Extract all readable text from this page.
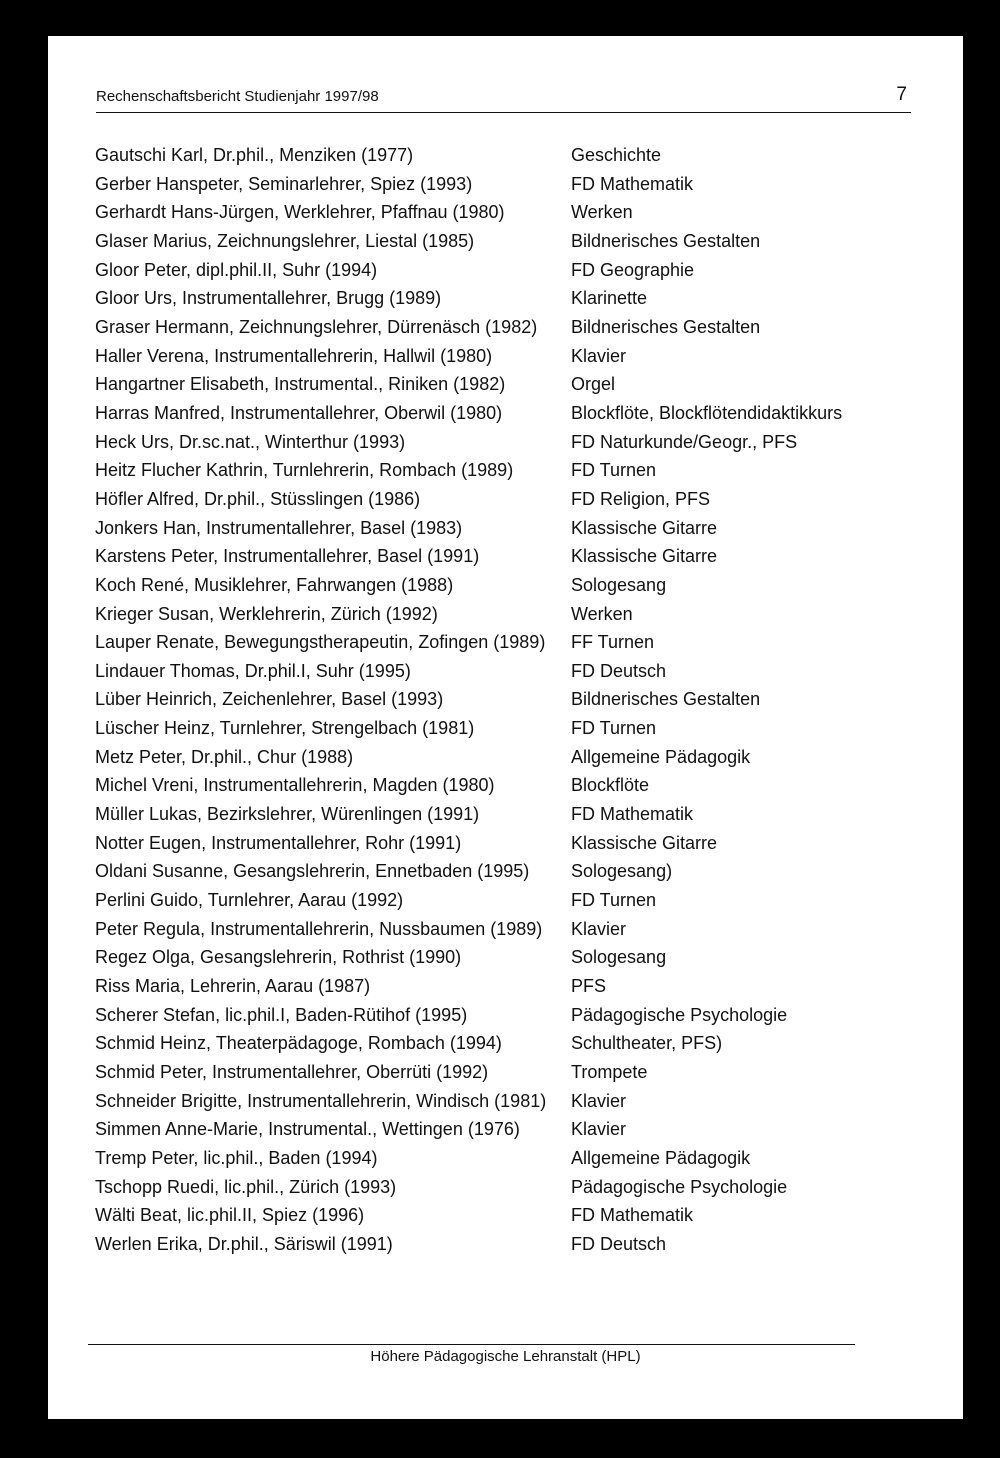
Rechenschaftsbericht Studienjahr 1997/98	7
Gautschi Karl, Dr.phil., Menziken (1977)	Geschichte
Gerber Hanspeter, Seminarlehrer, Spiez (1993)	FD Mathematik
Gerhardt Hans-Jürgen, Werklehrer, Pfaffnau (1980)	Werken
Glaser Marius, Zeichnungslehrer, Liestal (1985)	Bildnerisches Gestalten
Gloor Peter, dipl.phil.II, Suhr (1994)	FD Geographie
Gloor Urs, Instrumentallehrer, Brugg (1989)	Klarinette
Graser Hermann, Zeichnungslehrer, Dürrenäsch (1982) Bildnerisches Gestalten
Haller Verena, Instrumentallehrerin, Hallwil (1980)	Klavier
Hangartner Elisabeth, Instrumental., Riniken (1982)	Orgel
Harras Manfred, Instrumentallehrer, Oberwil (1980)	Blockflöte, Blockflötendidaktikkurs
Heck Urs, Dr.sc.nat., Winterthur (1993)	FD Naturkunde/Geogr., PFS
Heitz Flucher Kathrin, Turnlehrerin, Rombach (1989)	FD Turnen
Höfler Alfred, Dr.phil., Stüsslingen (1986)	FD Religion, PFS
Jonkers Han, Instrumentallehrer, Basel (1983)	Klassische Gitarre
Karstens Peter, Instrumentallehrer, Basel (1991)	Klassische Gitarre
Koch René, Musiklehrer, Fahrwangen (1988)	Sologesang
Krieger Susan, Werklehrerin, Zürich (1992)	Werken
Lauper Renate, Bewegungstherapeutin, Zofingen (1989) FF Turnen
Lindauer Thomas, Dr.phil.I, Suhr (1995)	FD Deutsch
Lüber Heinrich, Zeichenlehrer, Basel (1993)	Bildnerisches Gestalten
Lüscher Heinz, Turnlehrer, Strengelbach (1981)	FD Turnen
Metz Peter, Dr.phil., Chur (1988)	Allgemeine Pädagogik
Michel Vreni, Instrumentallehrerin, Magden (1980)	Blockflöte
Müller Lukas, Bezirkslehrer, Würenlingen (1991)	FD Mathematik
Notter Eugen, Instrumentallehrer, Rohr (1991)	Klassische Gitarre
Oldani Susanne, Gesangslehrerin, Ennetbaden (1995) Sologesang)
Perlini Guido, Turnlehrer, Aarau (1992)	FD Turnen
Peter Regula, Instrumentallehrerin, Nussbaumen (1989) Klavier
Regez Olga, Gesangslehrerin, Rothrist (1990)	Sologesang
Riss Maria, Lehrerin, Aarau (1987)	PFS
Scherer Stefan, lic.phil.I, Baden-Rütihof (1995)	Pädagogische Psychologie
Schmid Heinz, Theaterpädagoge, Rombach (1994)	Schultheater, PFS)
Schmid Peter, Instrumentallehrer, Oberrüti (1992)	Trompete
Schneider Brigitte, Instrumentallehrerin, Windisch (1981) Klavier
Simmen Anne-Marie, Instrumental., Wettingen (1976)	Klavier
Tremp Peter, lic.phil., Baden (1994)	Allgemeine Pädagogik
Tschopp Ruedi, lic.phil., Zürich (1993)	Pädagogische Psychologie
Wälti Beat, lic.phil.II, Spiez (1996)	FD Mathematik
Werlen Erika, Dr.phil., Säriswil (1991)	FD Deutsch
Höhere Pädagogische Lehranstalt (HPL)
